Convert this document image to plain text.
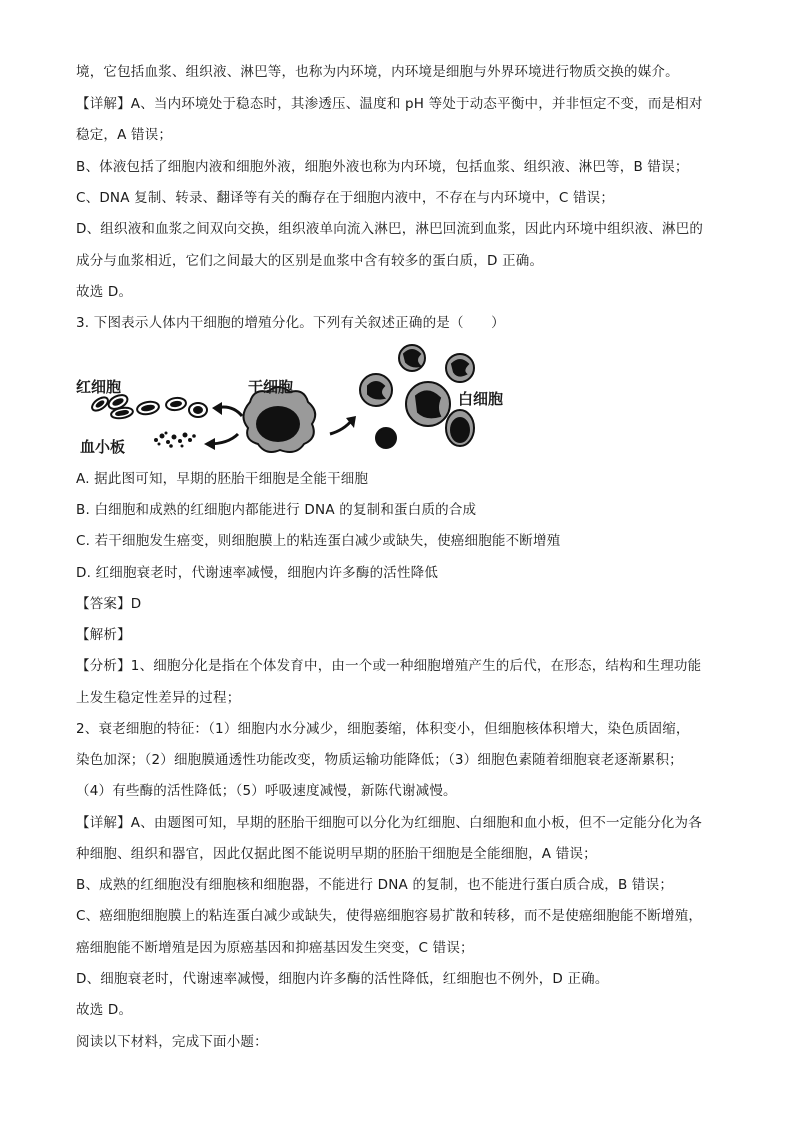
境，它包括血浆、组织液、淋巴等，也称为内环境，内环境是细胞与外界环境进行物质交换的媒介。
【详解】A、当内环境处于稳态时，其渗透压、温度和 pH 等处于动态平衡中，并非恒定不变，而是相对
稳定，A 错误；
B、体液包括了细胞内液和细胞外液，细胞外液也称为内环境，包括血浆、组织液、淋巴等，B 错误；
C、DNA 复制、转录、翻译等有关的酶存在于细胞内液中，不存在与内环境中，C 错误；
D、组织液和血浆之间双向交换，组织液单向流入淋巴，淋巴回流到血浆，因此内环境中组织液、淋巴的
成分与血浆相近，它们之间最大的区别是血浆中含有较多的蛋白质，D 正确。
故选 D。
3. 下图表示人体内干细胞的增殖分化。下列有关叙述正确的是（　　）
红细胞	干细胞
白细胞
血小板
A. 据此图可知，早期的胚胎干细胞是全能干细胞
B. 白细胞和成熟的红细胞内都能进行 DNA 的复制和蛋白质的合成
C. 若干细胞发生癌变，则细胞膜上的粘连蛋白减少或缺失，使癌细胞能不断增殖
D. 红细胞衰老时，代谢速率减慢，细胞内许多酶的活性降低
【答案】D
【解析】
【分析】1、细胞分化是指在个体发育中，由一个或一种细胞增殖产生的后代，在形态，结构和生理功能
上发生稳定性差异的过程；
2、衰老细胞的特征：（1）细胞内水分减少，细胞萎缩，体积变小，但细胞核体积增大，染色质固缩，
染色加深；（2）细胞膜通透性功能改变，物质运输功能降低；（3）细胞色素随着细胞衰老逐渐累积；
（4）有些酶的活性降低；（5）呼吸速度减慢，新陈代谢减慢。
【详解】A、由题图可知，早期的胚胎干细胞可以分化为红细胞、白细胞和血小板，但不一定能分化为各
种细胞、组织和器官，因此仅据此图不能说明早期的胚胎干细胞是全能细胞，A 错误；
B、成熟的红细胞没有细胞核和细胞器，不能进行 DNA 的复制，也不能进行蛋白质合成，B 错误；
C、癌细胞细胞膜上的粘连蛋白减少或缺失，使得癌细胞容易扩散和转移，而不是使癌细胞能不断增殖，
癌细胞能不断增殖是因为原癌基因和抑癌基因发生突变，C 错误；
D、细胞衰老时，代谢速率减慢，细胞内许多酶的活性降低，红细胞也不例外，D 正确。
故选 D。
阅读以下材料，完成下面小题：
